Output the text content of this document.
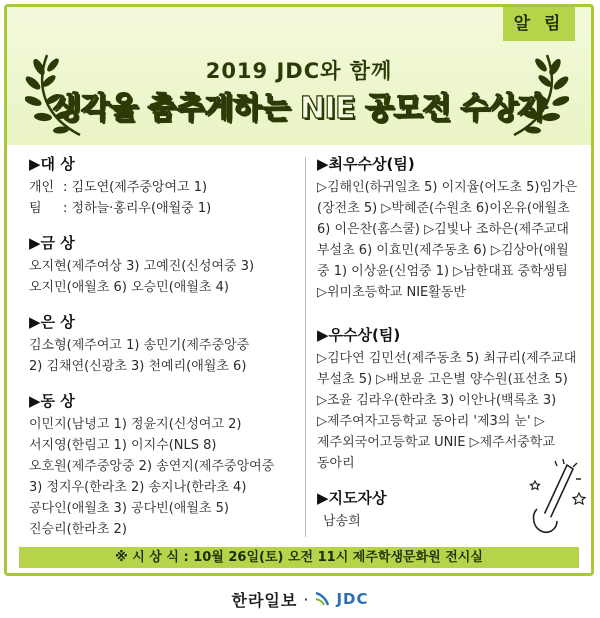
알 림
2019 JDC와 함께
생각을 춤추게하는 NIE 공모전 수상자
▶대 상
개인 : 김도연(제주중앙여고 1)
팀	: 정하늘·홍리우(애월중 1)
▶금 상
오지현(제주여상 3) 고예진(신성여중 3)
오지민(애월초 6) 오승민(애월초 4)
▶은 상
김소형(제주여고 1) 송민기(제주중앙중
2) 김채연(신광초 3) 천예리(애월초 6)
▶동 상
이민지(남녕고 1) 정윤지(신성여고 2)
서지영(한림고 1) 이지수(NLS 8)
오호원(제주중앙중 2) 송연지(제주중앙여중
3) 정지우(한라초 2) 송지나(한라초 4)
공다인(애월초 3) 공다빈(애월초 5)
진승리(한라초 2)
▶최우수상(팀)
▷김해인(하귀일초 5) 이지율(어도초 5)임가은
(장전초 5) ▷박혜준(수원초 6)이온유(애월초
6) 이은찬(홈스쿨) ▷김빛나 조하은(제주교대
부설초 6) 이효민(제주동초 6) ▷김상아(애월
중 1) 이상윤(신엄중 1) ▷남한대표 중학생팀
▷위미초등학교 NIE활동반
▶우수상(팀)
▷김다연 김민선(제주동초 5) 최규리(제주교대
부설초 5) ▷배보윤 고은별 양수원(표선초 5)
▷조윤 김라우(한라초 3) 이안나(백록초 3)
▷제주여자고등학교 동아리 '제3의 눈' ▷
제주외국어고등학교 UNIE ▷제주서중학교
동아리
▶지도자상
남송희
※ 시 상 식 : 10월 26일(토) 오전 11시 제주학생문화원 전시실
한라일보 · JDC
